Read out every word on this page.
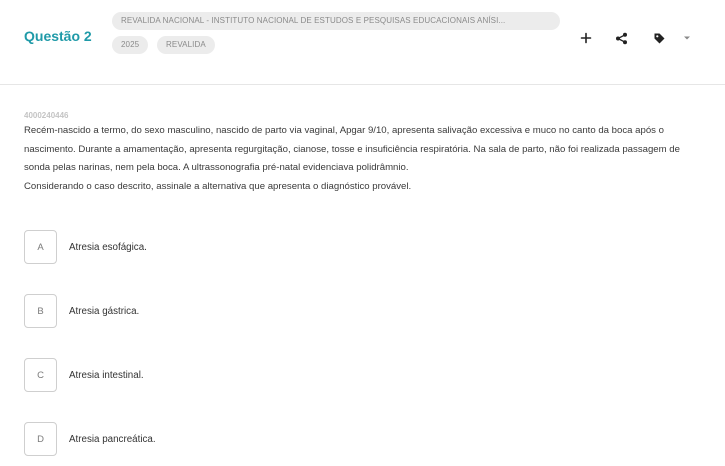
Questão 2
REVALIDA NACIONAL - INSTITUTO NACIONAL DE ESTUDOS E PESQUISAS EDUCACIONAIS ANÍSI...
2025	REVALIDA
4000240446

Recém-nascido a termo, do sexo masculino, nascido de parto via vaginal, Apgar 9/10, apresenta salivação excessiva e muco no canto da boca após o nascimento. Durante a amamentação, apresenta regurgitação, cianose, tosse e insuficiência respiratória. Na sala de parto, não foi realizada passagem de sonda pelas narinas, nem pela boca. A ultrassonografia pré-natal evidenciava polidrâmnio.

Considerando o caso descrito, assinale a alternativa que apresenta o diagnóstico provável.

A	Atresia esofágica.
B	Atresia gástrica.
C	Atresia intestinal.
D	Atresia pancreática.
